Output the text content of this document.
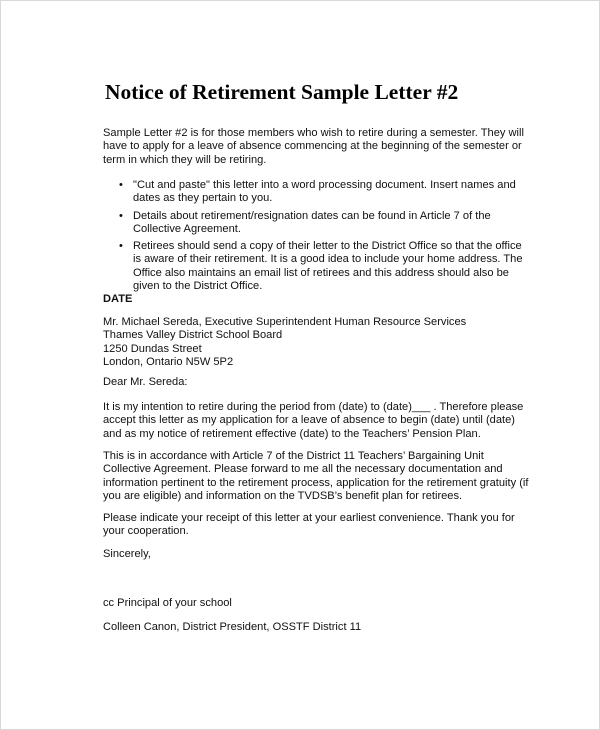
Notice of Retirement Sample Letter #2

Sample Letter #2 is for those members who wish to retire during a semester. They will
have to apply for a leave of absence commencing at the beginning of the semester or
term in which they will be retiring.

• "Cut and paste" this letter into a word processing document. Insert names and
dates as they pertain to you.
• Details about retirement/resignation dates can be found in Article 7 of the
Collective Agreement.
• Retirees should send a copy of their letter to the District Office so that the office
is aware of their retirement. It is a good idea to include your home address. The
Office also maintains an email list of retirees and this address should also be
given to the District Office.

DATE

Mr. Michael Sereda, Executive Superintendent Human Resource Services
Thames Valley District School Board
1250 Dundas Street
London, Ontario N5W 5P2

Dear Mr. Sereda:

It is my intention to retire during the period from (date) to (date)___ . Therefore please
accept this letter as my application for a leave of absence to begin (date) until (date)
and as my notice of retirement effective (date) to the Teachers’ Pension Plan.

This is in accordance with Article 7 of the District 11 Teachers’ Bargaining Unit
Collective Agreement. Please forward to me all the necessary documentation and
information pertinent to the retirement process, application for the retirement gratuity (if
you are eligible) and information on the TVDSB’s benefit plan for retirees.

Please indicate your receipt of this letter at your earliest convenience. Thank you for
your cooperation.

Sincerely,

cc Principal of your school

Colleen Canon, District President, OSSTF District 11
